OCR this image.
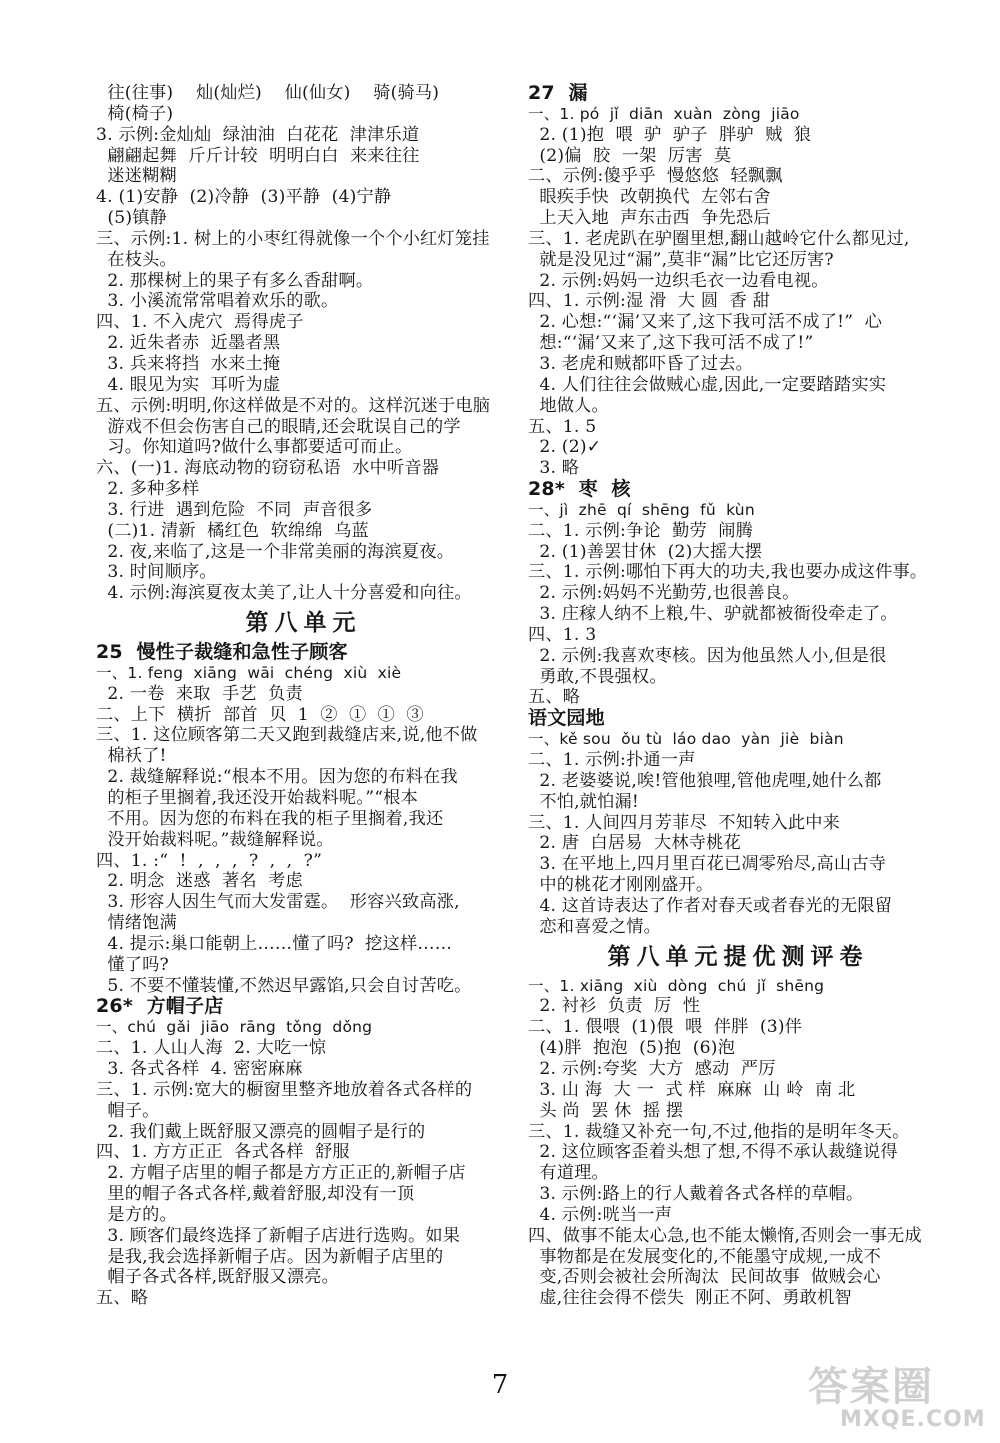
往(往事)    灿(灿烂)    仙(仙女)    骑(骑马)
椅(椅子)
3. 示例:金灿灿  绿油油  白花花  津津乐道
翩翩起舞  斤斤计较  明明白白  来来往往
迷迷糊糊
4. (1)安静  (2)冷静  (3)平静  (4)宁静
(5)镇静
三、示例:1. 树上的小枣红得就像一个个小红灯笼挂
在枝头。
2. 那棵树上的果子有多么香甜啊。
3. 小溪流常常唱着欢乐的歌。
四、1. 不入虎穴  焉得虎子
2. 近朱者赤  近墨者黑
3. 兵来将挡  水来土掩
4. 眼见为实  耳听为虚
五、示例:明明,你这样做是不对的。这样沉迷于电脑
游戏不但会伤害自己的眼睛,还会耽误自己的学
习。你知道吗?做什么事都要适可而止。
六、(一)1. 海底动物的窃窃私语  水中听音器
2. 多种多样
3. 行进  遇到危险  不同  声音很多
(二)1. 清新  橘红色  软绵绵  乌蓝
2. 夜,来临了,这是一个非常美丽的海滨夏夜。
3. 时间顺序。
4. 示例:海滨夏夜太美了,让人十分喜爱和向往。
第八单元
25  慢性子裁缝和急性子顾客
一、1. feng  xiāng  wāi  chéng  xiù  xiè
2. 一卷  来取  手艺  负责
二、上下  横折  部首  贝  1  ②  ①  ①  ③
三、1. 这位顾客第二天又跑到裁缝店来,说,他不做
棉袄了!
2. 裁缝解释说:“根本不用。因为您的布料在我
的柜子里搁着,我还没开始裁料呢。”“根本
不用。因为您的布料在我的柜子里搁着,我还
没开始裁料呢。”裁缝解释说。
四、1. :“  !  ,  ,  ,  ?  ,  ,  ?”
2. 明念  迷惑  著名  考虑
3. 形容人因生气而大发雷霆。  形容兴致高涨,
情绪饱满
4. 提示:巢口能朝上……懂了吗?  挖这样……
懂了吗?
5. 不要不懂装懂,不然迟早露馅,只会自讨苦吃。
26*  方帽子店
一、chú  gǎi  jiāo  rāng  tǒng  dǒng
二、1. 人山人海  2. 大吃一惊
3. 各式各样  4. 密密麻麻
三、1. 示例:宽大的橱窗里整齐地放着各式各样的
帽子。
2. 我们戴上既舒服又漂亮的圆帽子是行的
四、1. 方方正正  各式各样  舒服
2. 方帽子店里的帽子都是方方正正的,新帽子店
里的帽子各式各样,戴着舒服,却没有一顶
是方的。
3. 顾客们最终选择了新帽子店进行选购。如果
是我,我会选择新帽子店。因为新帽子店里的
帽子各式各样,既舒服又漂亮。
五、略
27  漏
一、1. pó  jǐ  diān  xuàn  zòng  jiāo
2. (1)抱  喂  驴  驴子  胖驴  贼  狼
(2)偏  胶  一架  厉害  莫
二、示例:傻乎乎  慢悠悠  轻飘飘
眼疾手快  改朝换代  左邻右舍
上天入地  声东击西  争先恐后
三、1. 老虎趴在驴圈里想,翻山越岭它什么都见过,
就是没见过“漏”,莫非“漏”比它还厉害?
2. 示例:妈妈一边织毛衣一边看电视。
四、1. 示例:湿 滑  大 圆  香 甜
2. 心想:“‘漏’又来了,这下我可活不成了!”  心
想:“‘漏’又来了,这下我可活不成了!”
3. 老虎和贼都吓昏了过去。
4. 人们往往会做贼心虚,因此,一定要踏踏实实
地做人。
五、1. 5
2. (2)✓
3. 略
28*  枣  核
一、jì  zhē  qí  shēng  fǔ  kùn
二、1. 示例:争论  勤劳  闹腾
2. (1)善罢甘休  (2)大摇大摆
三、1. 示例:哪怕下再大的功夫,我也要办成这件事。
2. 示例:妈妈不光勤劳,也很善良。
3. 庄稼人纳不上粮,牛、驴就都被衙役牵走了。
四、1. 3
2. 示例:我喜欢枣核。因为他虽然人小,但是很
勇敢,不畏强权。
五、略
语文园地
一、kě sou  ǒu tù  láo dao  yàn  jiè  biàn
二、1. 示例:扑通一声
2. 老婆婆说,唉!管他狼哩,管他虎哩,她什么都
不怕,就怕漏!
三、1. 人间四月芳菲尽  不知转入此中来
2. 唐  白居易  大林寺桃花
3. 在平地上,四月里百花已凋零殆尽,高山古寺
中的桃花才刚刚盛开。
4. 这首诗表达了作者对春天或者春光的无限留
恋和喜爱之情。
第八单元提优测评卷
一、1. xiāng  xiù  dòng  chú  jǐ  shēng
2. 衬衫  负责  厉  性
二、1. 偎喂  (1)偎  喂  伴胖  (3)伴
(4)胖  抱泡  (5)抱  (6)泡
2. 示例:夸奖  大方  感动  严厉
3. 山 海  大 一  式 样  麻麻  山 岭  南 北
头 尚  罢 休  摇 摆
三、1. 裁缝又补充一句,不过,他指的是明年冬天。
2. 这位顾客歪着头想了想,不得不承认裁缝说得
有道理。
3. 示例:路上的行人戴着各式各样的草帽。
4. 示例:咣当一声
四、做事不能太心急,也不能太懒惰,否则会一事无成
事物都是在发展变化的,不能墨守成规,一成不
变,否则会被社会所淘汰  民间故事  做贼会心
虚,往往会得不偿失  刚正不阿、勇敢机智
7	答案圈
MXQE.COM
